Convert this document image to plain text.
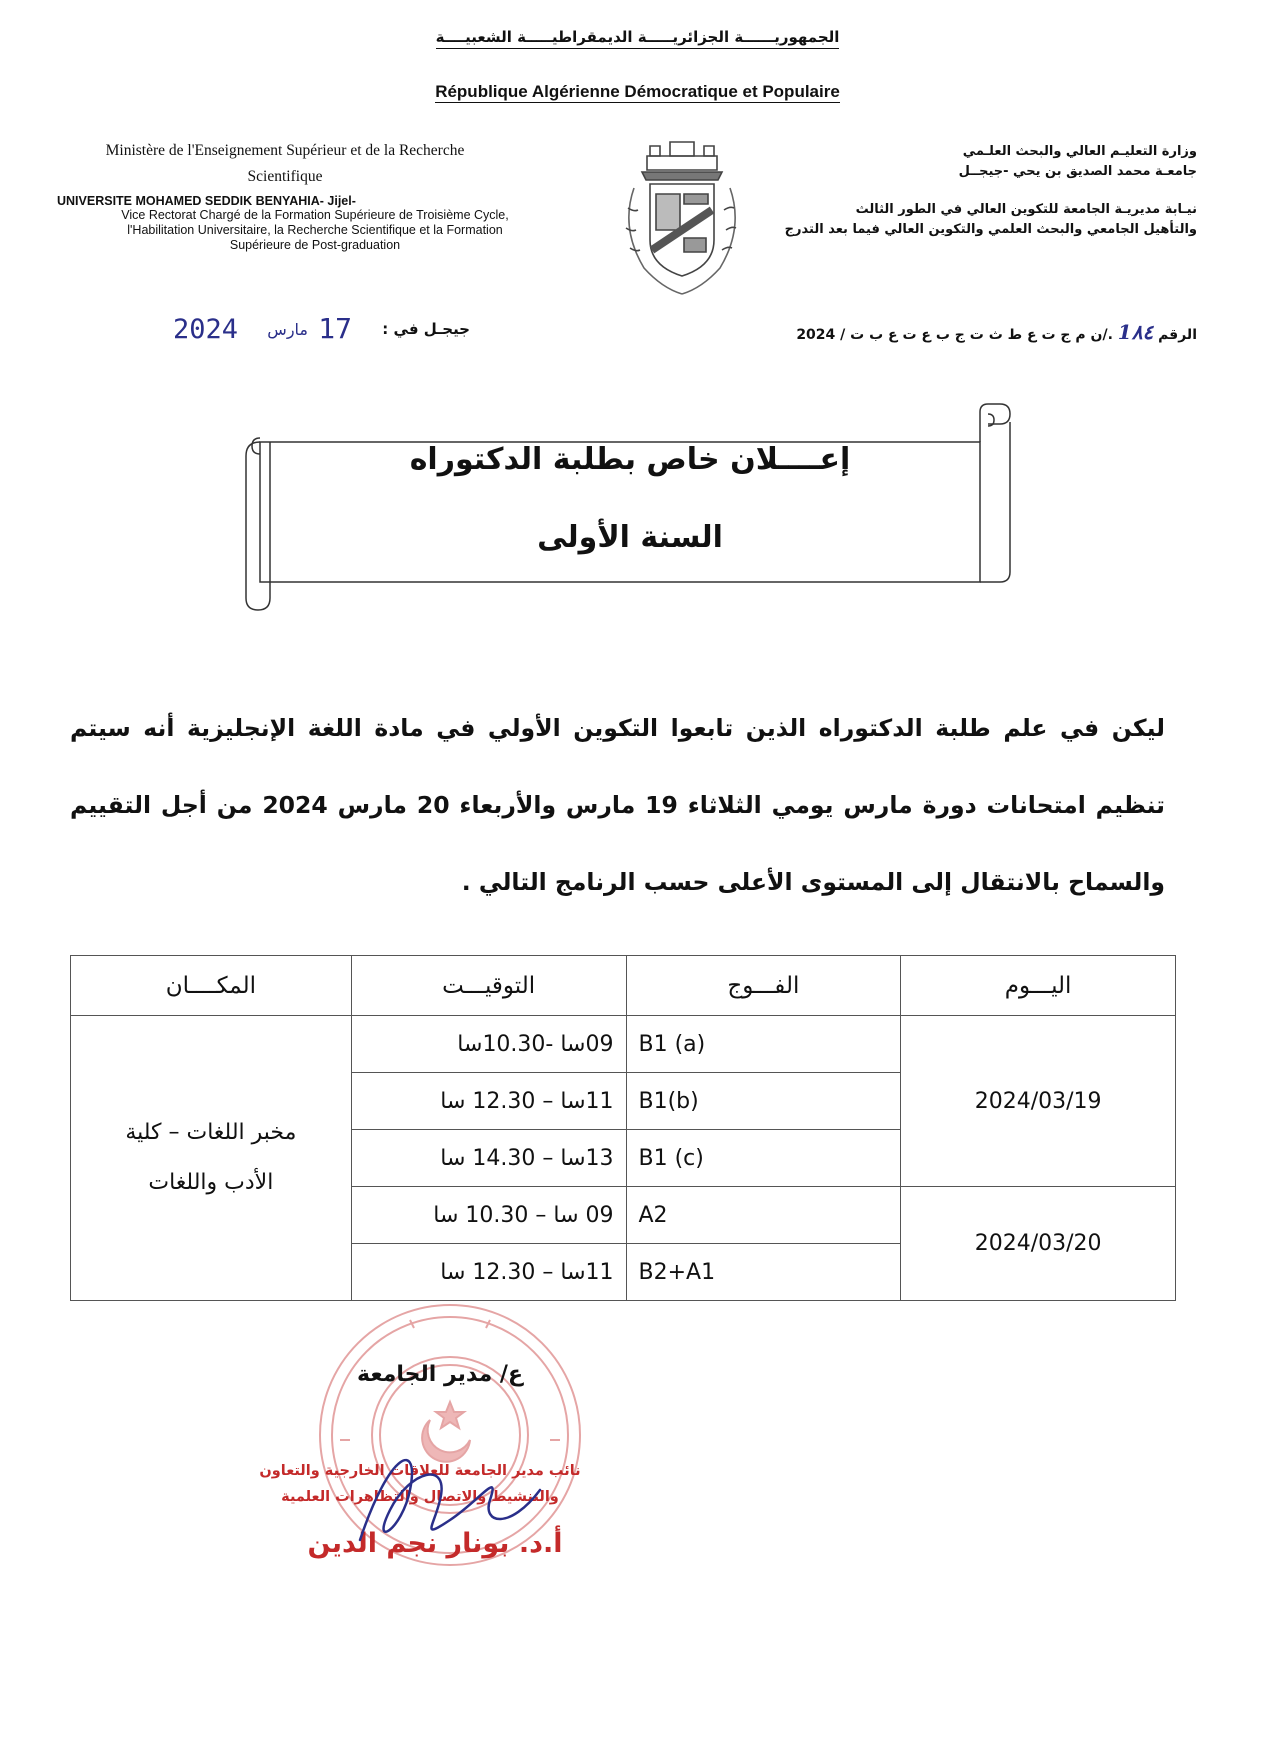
الجمهوريــــــة الجزائريـــــة الديمقراطيـــــة الشعبيــــة
République Algérienne Démocratique et Populaire
Ministère de l'Enseignement Supérieur et de la Recherche
Scientifique
UNIVERSITE MOHAMED SEDDIK BENYAHIA- Jijel-
Vice Rectorat Chargé de la Formation Supérieure de Troisième Cycle,
l'Habilitation Universitaire, la Recherche Scientifique et la Formation
Supérieure de Post-graduation
وزارة التعليـم العالي والبحث العلـمي
جامعـة محمد الصديق بن يحي -جيجــل
نيـابة مديريـة الجامعة للتكوين العالي في الطور الثالث
والتأهيل الجامعي والبحث العلمي والتكوين العالي فيما بعد التدرج
جيجـل في :
17
مارس
2024	الرقم 1٨٤ ./ن م ج ت ع ط ث ت ج ب ع ت ع ب ت / 2024
إعــــلان خاص بطلبة الدكتوراه
السنة الأولى
ليكن في علم طلبة الدكتوراه الذين تابعوا التكوين الأولي في مادة اللغة الإنجليزية أنه سيتم تنظيم امتحانات دورة مارس يومي الثلاثاء 19 مارس والأربعاء 20 مارس 2024 من أجل التقييم والسماح بالانتقال إلى المستوى الأعلى حسب الرنامج التالي .
اليـــوم	الفـــوج	التوقيـــت	المكــــان
2024/03/19	B1 (a)	09سا -10.30سا	مخبر اللغات – كلية
الأدب واللغات

	B1(b)	11سا – 12.30 سا	
	B1 (c)	13سا – 14.30 سا	
2024/03/20	A2	09 سا – 10.30 سا	
	B2+A1	11سا – 12.30 سا	
ع/ مدير الجامعة
نائب مدير الجامعة للعلاقات الخارجية والتعاون
والتنشيط والاتصال والتظاهرات العلمية
أ.د. بونار نجم الدين
